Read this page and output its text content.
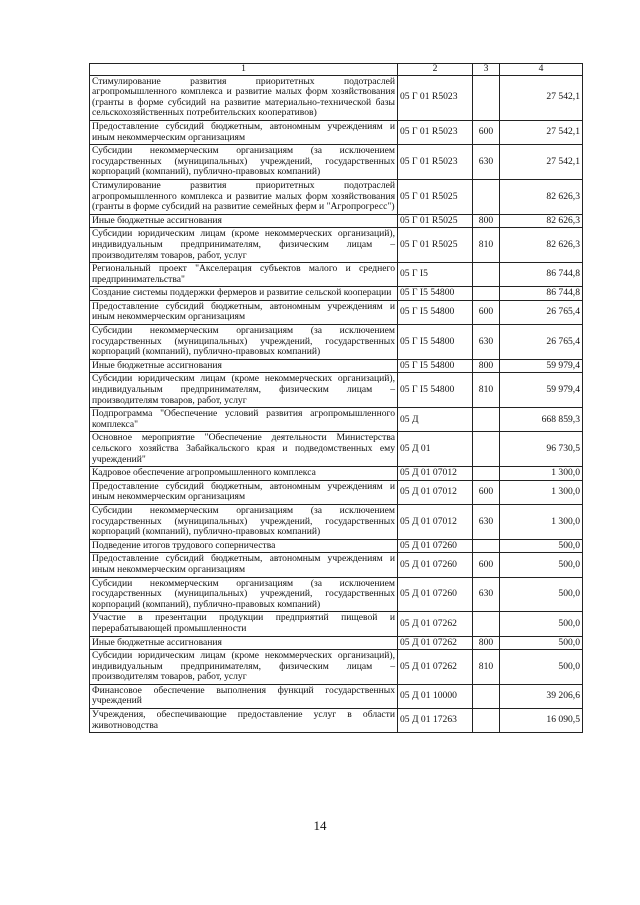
1	2	3	4
Стимулирование развития приоритетных подотраслей агропромышленного комплекса и развитие малых форм хозяйствования (гранты в форме субсидий на развитие материально-технической базы сельскохозяйственных потребительских кооперативов)	05 Г 01 R5023		27 542,1
Предоставление субсидий бюджетным, автономным учреждениям и иным некоммерческим организациям	05 Г 01 R5023	600	27 542,1
Субсидии некоммерческим организациям (за исключением государственных (муниципальных) учреждений, государственных корпораций (компаний), публично-правовых компаний)	05 Г 01 R5023	630	27 542,1
Стимулирование развития приоритетных подотраслей агропромышленного комплекса и развитие малых форм хозяйствования (гранты в форме субсидий на развитие семейных ферм и "Агропрогресс")	05 Г 01 R5025		82 626,3
Иные бюджетные ассигнования	05 Г 01 R5025	800	82 626,3
Субсидии юридическим лицам (кроме некоммерческих организаций), индивидуальным предпринимателям, физическим лицам – производителям товаров, работ, услуг	05 Г 01 R5025	810	82 626,3
Региональный проект "Акселерация субъектов малого и среднего предпринимательства"	05 Г I5		86 744,8
Создание системы поддержки фермеров и развитие сельской кооперации	05 Г I5 54800		86 744,8
Предоставление субсидий бюджетным, автономным учреждениям и иным некоммерческим организациям	05 Г I5 54800	600	26 765,4
Субсидии некоммерческим организациям (за исключением государственных (муниципальных) учреждений, государственных корпораций (компаний), публично-правовых компаний)	05 Г I5 54800	630	26 765,4
Иные бюджетные ассигнования	05 Г I5 54800	800	59 979,4
Субсидии юридическим лицам (кроме некоммерческих организаций), индивидуальным предпринимателям, физическим лицам – производителям товаров, работ, услуг	05 Г I5 54800	810	59 979,4
Подпрограмма "Обеспечение условий развития агропромышленного комплекса"	05 Д		668 859,3
Основное мероприятие "Обеспечение деятельности Министерства сельского хозяйства Забайкальского края и подведомственных ему учреждений"	05 Д 01		96 730,5
Кадровое обеспечение агропромышленного комплекса	05 Д 01 07012		1 300,0
Предоставление субсидий бюджетным, автономным учреждениям и иным некоммерческим организациям	05 Д 01 07012	600	1 300,0
Субсидии некоммерческим организациям (за исключением государственных (муниципальных) учреждений, государственных корпораций (компаний), публично-правовых компаний)	05 Д 01 07012	630	1 300,0
Подведение итогов трудового соперничества	05 Д 01 07260		500,0
Предоставление субсидий бюджетным, автономным учреждениям и иным некоммерческим организациям	05 Д 01 07260	600	500,0
Субсидии некоммерческим организациям (за исключением государственных (муниципальных) учреждений, государственных корпораций (компаний), публично-правовых компаний)	05 Д 01 07260	630	500,0
Участие в презентации продукции предприятий пищевой и перерабатывающей промышленности	05 Д 01 07262		500,0
Иные бюджетные ассигнования	05 Д 01 07262	800	500,0
Субсидии юридическим лицам (кроме некоммерческих организаций), индивидуальным предпринимателям, физическим лицам – производителям товаров, работ, услуг	05 Д 01 07262	810	500,0
Финансовое обеспечение выполнения функций государственных учреждений	05 Д 01 10000		39 206,6
Учреждения, обеспечивающие предоставление услуг в области животноводства	05 Д 01 17263		16 090,5
14
